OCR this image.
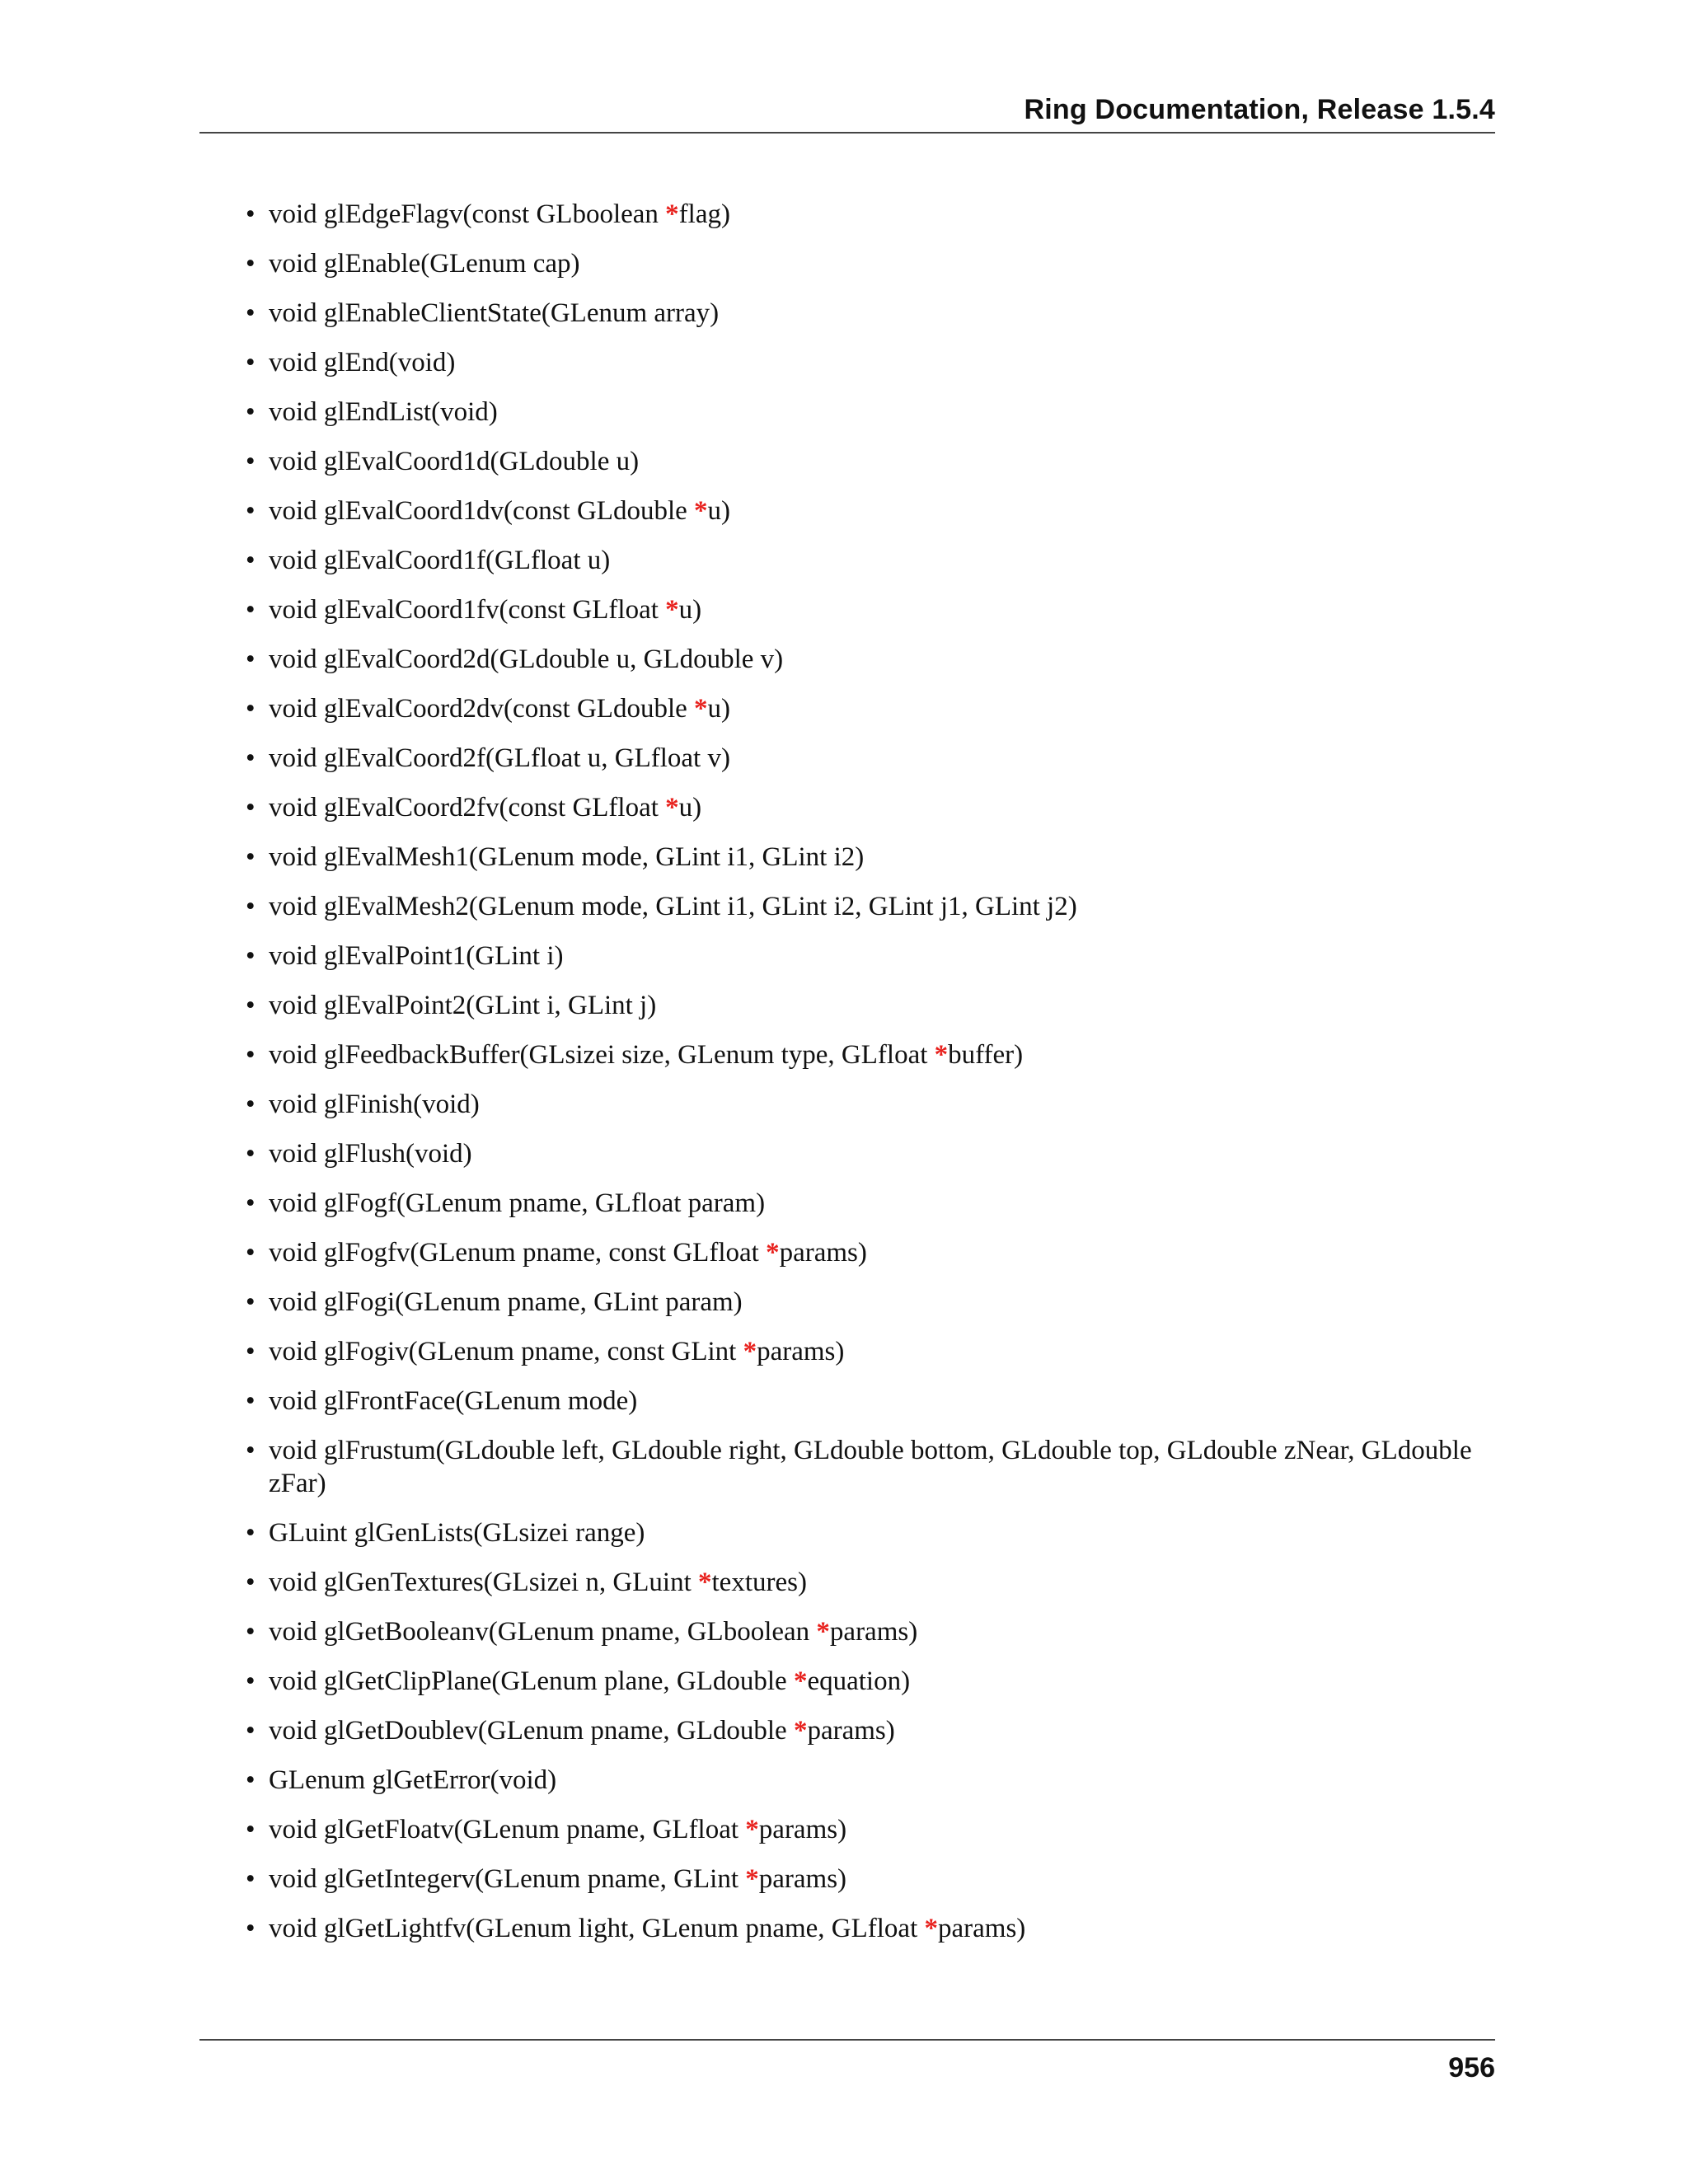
Ring Documentation, Release 1.5.4
• void glEdgeFlagv(const GLboolean *flag)
• void glEnable(GLenum cap)
• void glEnableClientState(GLenum array)
• void glEnd(void)
• void glEndList(void)
• void glEvalCoord1d(GLdouble u)
• void glEvalCoord1dv(const GLdouble *u)
• void glEvalCoord1f(GLfloat u)
• void glEvalCoord1fv(const GLfloat *u)
• void glEvalCoord2d(GLdouble u, GLdouble v)
• void glEvalCoord2dv(const GLdouble *u)
• void glEvalCoord2f(GLfloat u, GLfloat v)
• void glEvalCoord2fv(const GLfloat *u)
• void glEvalMesh1(GLenum mode, GLint i1, GLint i2)
• void glEvalMesh2(GLenum mode, GLint i1, GLint i2, GLint j1, GLint j2)
• void glEvalPoint1(GLint i)
• void glEvalPoint2(GLint i, GLint j)
• void glFeedbackBuffer(GLsizei size, GLenum type, GLfloat *buffer)
• void glFinish(void)
• void glFlush(void)
• void glFogf(GLenum pname, GLfloat param)
• void glFogfv(GLenum pname, const GLfloat *params)
• void glFogi(GLenum pname, GLint param)
• void glFogiv(GLenum pname, const GLint *params)
• void glFrontFace(GLenum mode)
• void glFrustum(GLdouble left, GLdouble right, GLdouble bottom, GLdouble top, GLdouble zNear, GLdouble zFar)
• GLuint glGenLists(GLsizei range)
• void glGenTextures(GLsizei n, GLuint *textures)
• void glGetBooleanv(GLenum pname, GLboolean *params)
• void glGetClipPlane(GLenum plane, GLdouble *equation)
• void glGetDoublev(GLenum pname, GLdouble *params)
• GLenum glGetError(void)
• void glGetFloatv(GLenum pname, GLfloat *params)
• void glGetIntegerv(GLenum pname, GLint *params)
• void glGetLightfv(GLenum light, GLenum pname, GLfloat *params)
956
